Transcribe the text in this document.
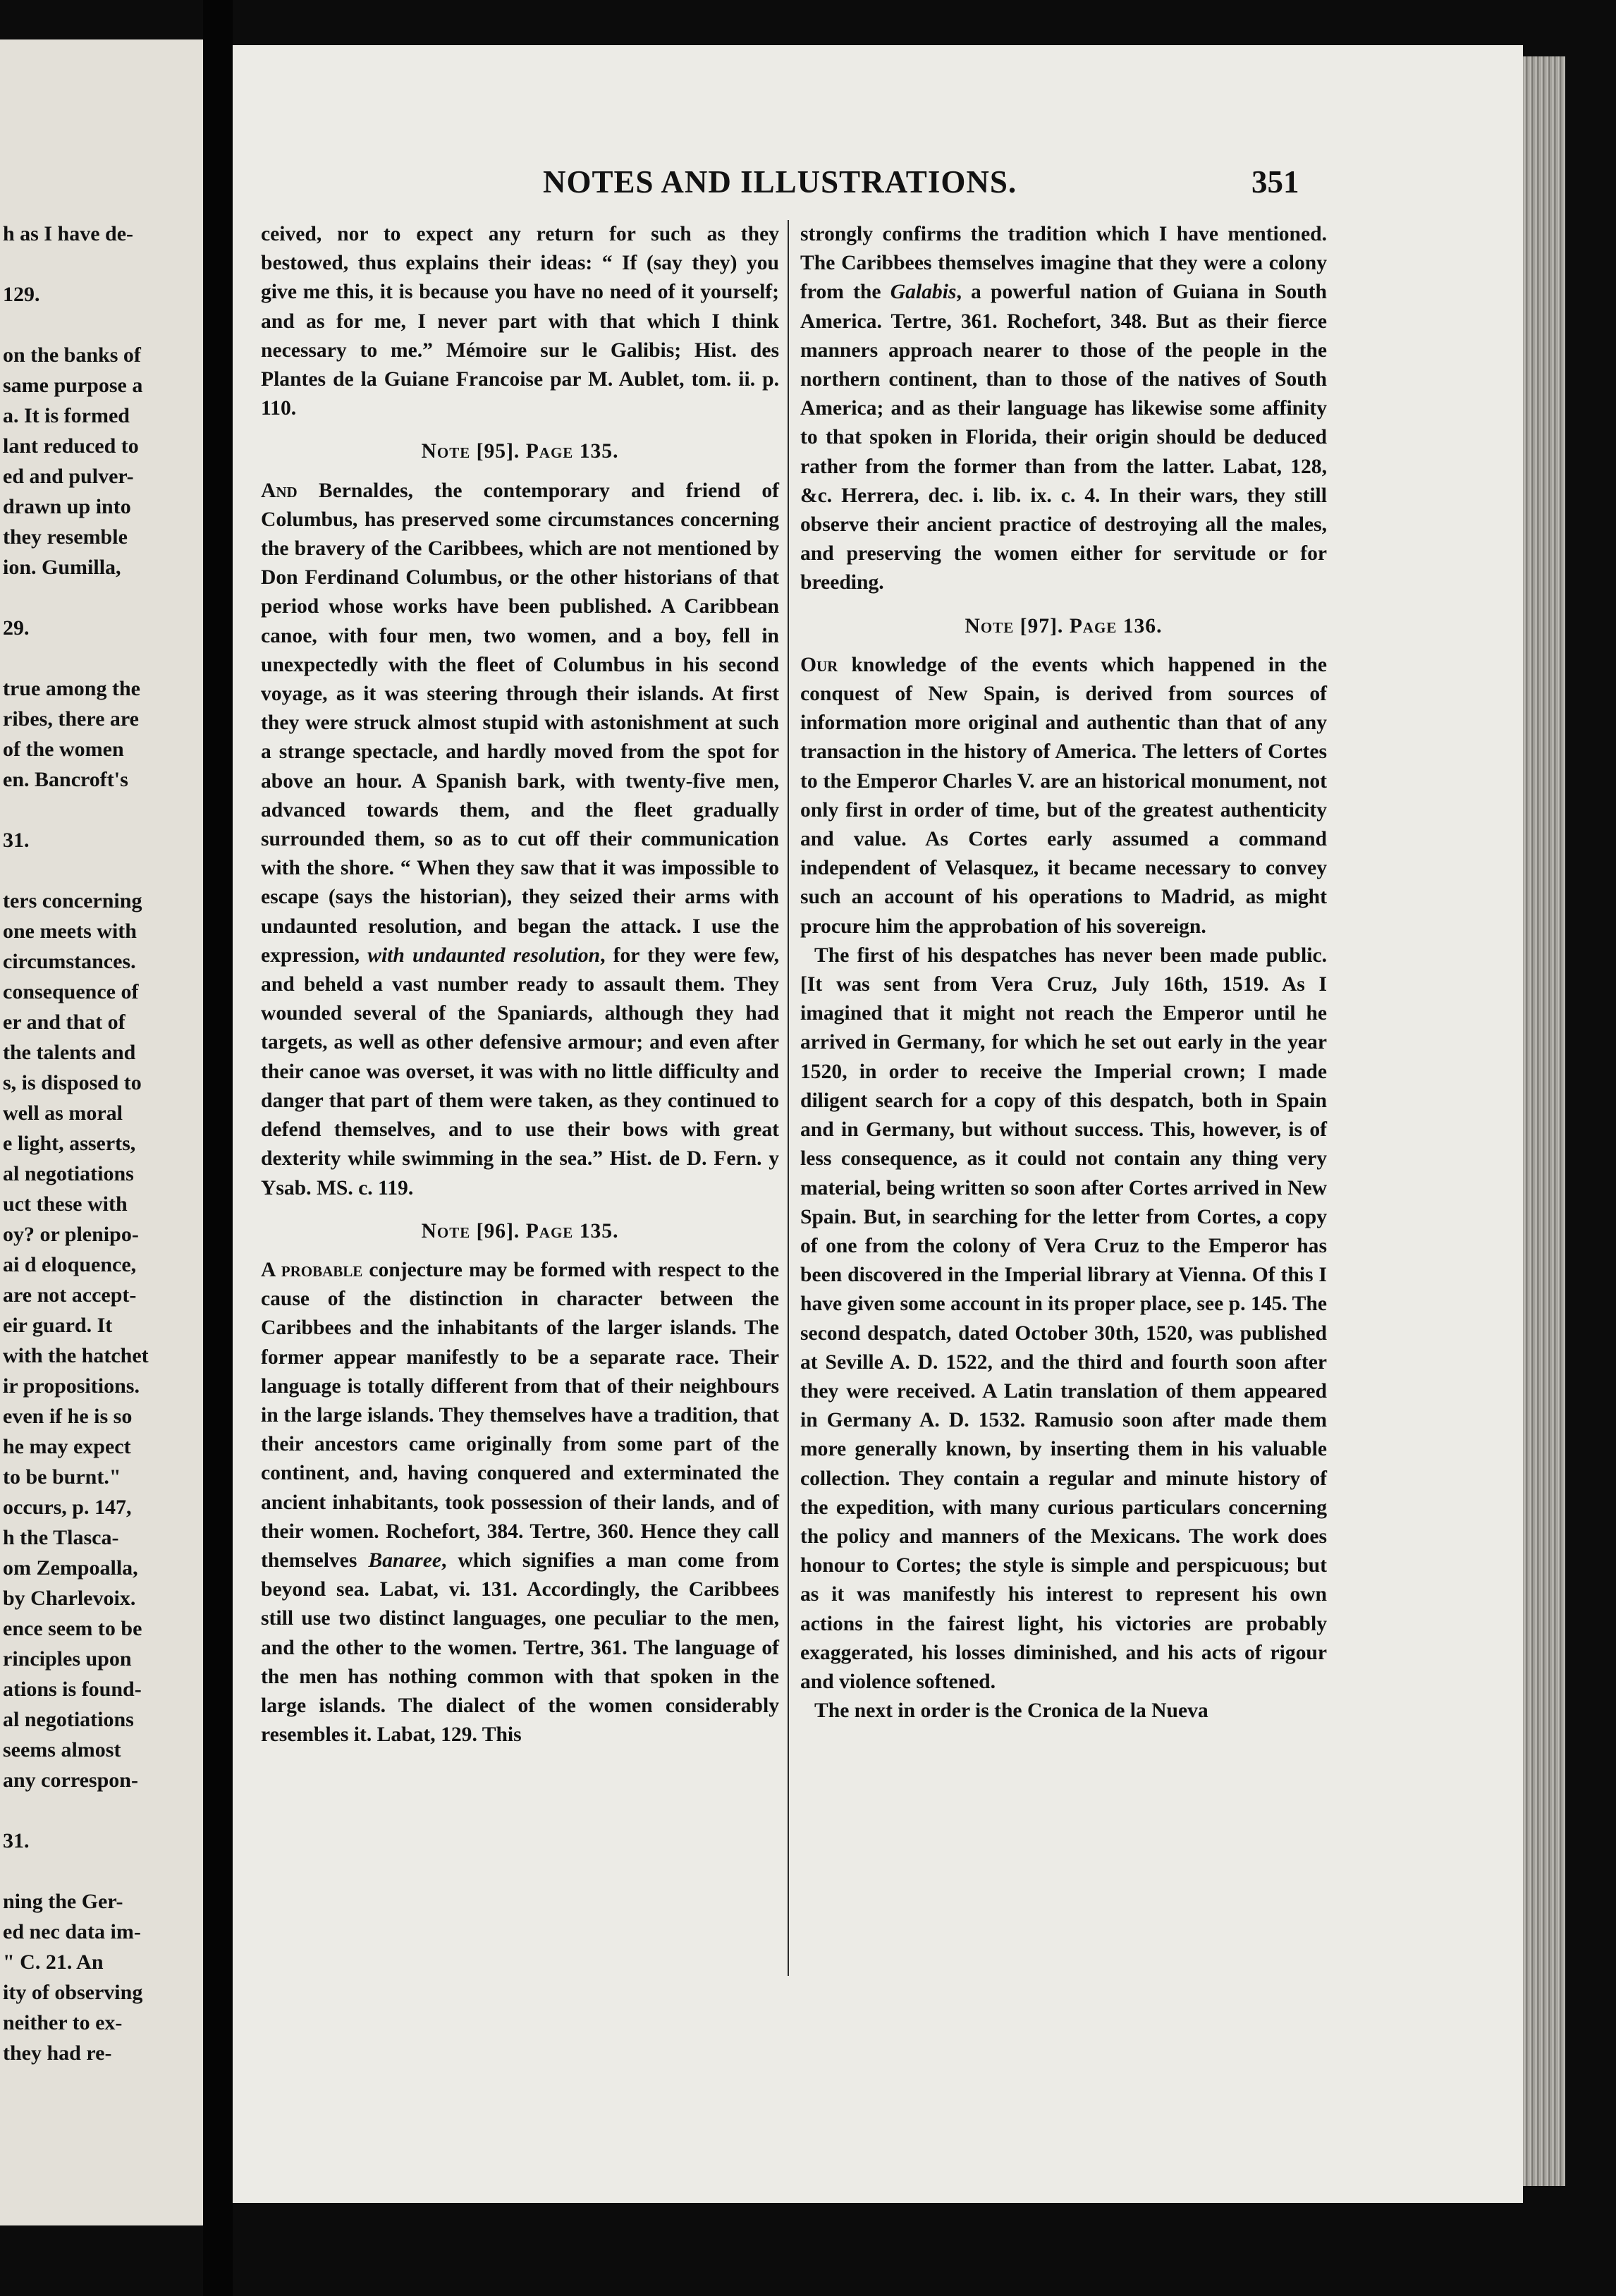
h as I have de-
129.
on the banks of
same purpose a
a. It is formed
lant reduced to
ed and pulver-
drawn up into
they resemble
ion. Gumilla,
29.
true among the
ribes, there are
of the women
en. Bancroft's
31.
ters concerning
one meets with
circumstances.
consequence of
er and that of
the talents and
s, is disposed to
well as moral
e light, asserts,
al negotiations
uct these with
oy? or plenipo-
ai d eloquence,
are not accept-
eir guard. It
with the hatchet
ir propositions.
even if he is so
he may expect
to be burnt."
occurs, p. 147,
h the Tlasca-
om Zempoalla,
by Charlevoix.
ence seem to be
rinciples upon
ations is found-
al negotiations
seems almost
any correspon-
31.
ning the Ger-
ed nec data im-
" C. 21. An
ity of observing
neither to ex-
they had re-
NOTES AND ILLUSTRATIONS.	351

ceived, nor to expect any return for such as they bestowed, thus explains their ideas: “ If (say they) you give me this, it is because you have no need of it yourself; and as for me, I never part with that which I think necessary to me.” Mémoire sur le Galibis; Hist. des Plantes de la Guiane Francoise par M. Aublet, tom. ii. p. 110.

Note [95]. Page 135.

And Bernaldes, the contemporary and friend of Columbus, has preserved some circumstances concerning the bravery of the Caribbees, which are not mentioned by Don Ferdinand Columbus, or the other historians of that period whose works have been published. A Caribbean canoe, with four men, two women, and a boy, fell in unexpectedly with the fleet of Columbus in his second voyage, as it was steering through their islands. At first they were struck almost stupid with astonishment at such a strange spectacle, and hardly moved from the spot for above an hour. A Spanish bark, with twenty-five men, advanced towards them, and the fleet gradually surrounded them, so as to cut off their communication with the shore. “ When they saw that it was impossible to escape (says the historian), they seized their arms with undaunted resolution, and began the attack. I use the expression, with undaunted resolution, for they were few, and beheld a vast number ready to assault them. They wounded several of the Spaniards, although they had targets, as well as other defensive armour; and even after their canoe was overset, it was with no little difficulty and danger that part of them were taken, as they continued to defend themselves, and to use their bows with great dexterity while swimming in the sea.” Hist. de D. Fern. y Ysab. MS. c. 119.

Note [96]. Page 135.

A probable conjecture may be formed with respect to the cause of the distinction in character between the Caribbees and the inhabitants of the larger islands. The former appear manifestly to be a separate race. Their language is totally different from that of their neighbours in the large islands. They themselves have a tradition, that their ancestors came originally from some part of the continent, and, having conquered and exterminated the ancient inhabitants, took possession of their lands, and of their women. Rochefort, 384. Tertre, 360. Hence they call themselves Banaree, which signifies a man come from beyond sea. Labat, vi. 131. Accordingly, the Caribbees still use two distinct languages, one peculiar to the men, and the other to the women. Tertre, 361. The language of the men has nothing common with that spoken in the large islands. The dialect of the women considerably resembles it. Labat, 129. This

strongly confirms the tradition which I have mentioned. The Caribbees themselves imagine that they were a colony from the Galabis, a powerful nation of Guiana in South America. Tertre, 361. Rochefort, 348. But as their fierce manners approach nearer to those of the people in the northern continent, than to those of the natives of South America; and as their language has likewise some affinity to that spoken in Florida, their origin should be deduced rather from the former than from the latter. Labat, 128, &c. Herrera, dec. i. lib. ix. c. 4. In their wars, they still observe their ancient practice of destroying all the males, and preserving the women either for servitude or for breeding.

Note [97]. Page 136.

Our knowledge of the events which happened in the conquest of New Spain, is derived from sources of information more original and authentic than that of any transaction in the history of America. The letters of Cortes to the Emperor Charles V. are an historical monument, not only first in order of time, but of the greatest authenticity and value. As Cortes early assumed a command independent of Velasquez, it became necessary to convey such an account of his operations to Madrid, as might procure him the approbation of his sovereign.

The first of his despatches has never been made public. [It was sent from Vera Cruz, July 16th, 1519. As I imagined that it might not reach the Emperor until he arrived in Germany, for which he set out early in the year 1520, in order to receive the Imperial crown; I made diligent search for a copy of this despatch, both in Spain and in Germany, but without success. This, however, is of less consequence, as it could not contain any thing very material, being written so soon after Cortes arrived in New Spain. But, in searching for the letter from Cortes, a copy of one from the colony of Vera Cruz to the Emperor has been discovered in the Imperial library at Vienna. Of this I have given some account in its proper place, see p. 145. The second despatch, dated October 30th, 1520, was published at Seville A. D. 1522, and the third and fourth soon after they were received. A Latin translation of them appeared in Germany A. D. 1532. Ramusio soon after made them more generally known, by inserting them in his valuable collection. They contain a regular and minute history of the expedition, with many curious particulars concerning the policy and manners of the Mexicans. The work does honour to Cortes; the style is simple and perspicuous; but as it was manifestly his interest to represent his own actions in the fairest light, his victories are probably exaggerated, his losses diminished, and his acts of rigour and violence softened.

The next in order is the Cronica de la Nueva
